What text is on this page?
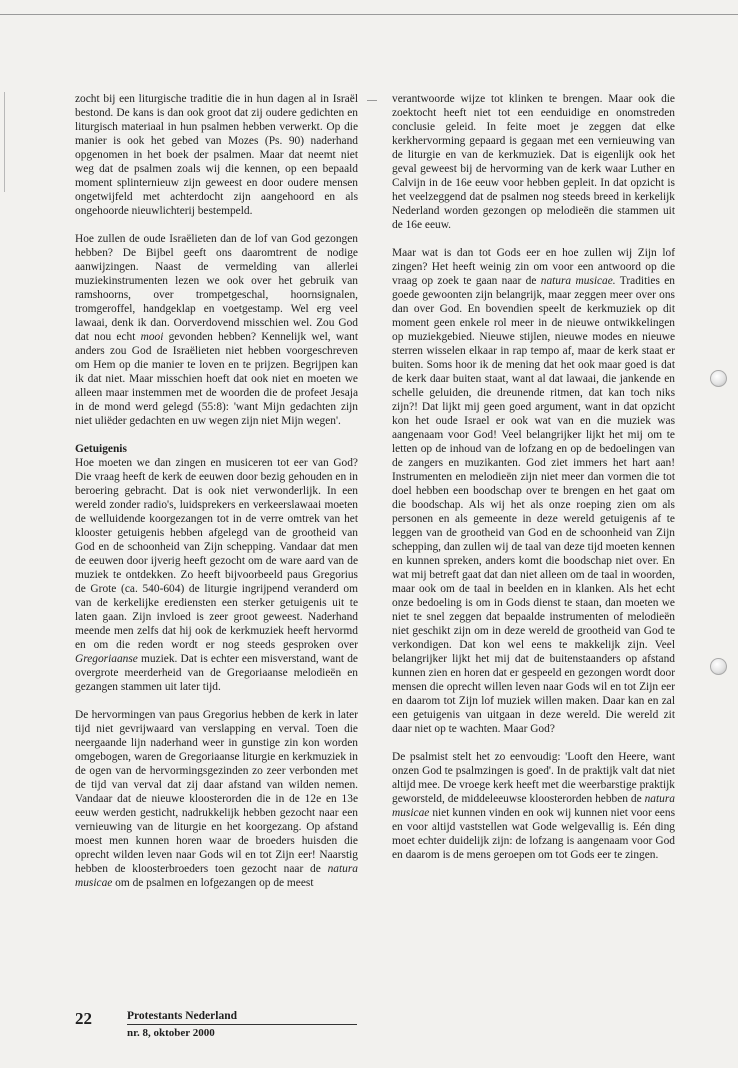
zocht bij een liturgische traditie die in hun dagen al in Israël bestond. De kans is dan ook groot dat zij oudere gedichten en liturgisch materiaal in hun psalmen hebben verwerkt. Op die manier is ook het gebed van Mozes (Ps. 90) naderhand opgenomen in het boek der psalmen. Maar dat neemt niet weg dat de psalmen zoals wij die kennen, op een bepaald moment splinternieuw zijn geweest en door oudere mensen ongetwijfeld met achterdocht zijn aangehoord en als ongehoorde nieuwlichterij bestempeld.

Hoe zullen de oude Israëlieten dan de lof van God gezongen hebben? De Bijbel geeft ons daaromtrent de nodige aanwijzingen. Naast de vermelding van allerlei muziekinstrumenten lezen we ook over het gebruik van ramshoorns, over trompetgeschal, hoornsignalen, tromgeroffel, handgeklap en voetgestamp. Wel erg veel lawaai, denk ik dan. Oorverdovend misschien wel. Zou God dat nou echt mooi gevonden hebben? Kennelijk wel, want anders zou God de Israëlieten niet hebben voorgeschreven om Hem op die manier te loven en te prijzen. Begrijpen kan ik dat niet. Maar misschien hoeft dat ook niet en moeten we alleen maar instemmen met de woorden die de profeet Jesaja in de mond werd gelegd (55:8): 'want Mijn gedachten zijn niet uliëder gedachten en uw wegen zijn niet Mijn wegen'.

Getuigenis

Hoe moeten we dan zingen en musiceren tot eer van God? Die vraag heeft de kerk de eeuwen door bezig gehouden en in beroering gebracht. Dat is ook niet verwonderlijk. In een wereld zonder radio's, luidsprekers en verkeerslawaai moeten de welluidende koorgezangen tot in de verre omtrek van het klooster getuigenis hebben afgelegd van de grootheid van God en de schoonheid van Zijn schepping. Vandaar dat men de eeuwen door ijverig heeft gezocht om de ware aard van de muziek te ontdekken. Zo heeft bijvoorbeeld paus Gregorius de Grote (ca. 540-604) de liturgie ingrijpend veranderd om van de kerkelijke erediensten een sterker getuigenis uit te laten gaan. Zijn invloed is zeer groot geweest. Naderhand meende men zelfs dat hij ook de kerkmuziek heeft hervormd en om die reden wordt er nog steeds gesproken over Gregoriaanse muziek. Dat is echter een misverstand, want de overgrote meerderheid van de Gregoriaanse melodieën en gezangen stammen uit later tijd.

De hervormingen van paus Gregorius hebben de kerk in later tijd niet gevrijwaard van verslapping en verval. Toen die neergaande lijn naderhand weer in gunstige zin kon worden omgebogen, waren de Gregoriaanse liturgie en kerkmuziek in de ogen van de hervormingsgezinden zo zeer verbonden met de tijd van verval dat zij daar afstand van wilden nemen. Vandaar dat de nieuwe kloosterorden die in de 12e en 13e eeuw werden gesticht, nadrukkelijk hebben gezocht naar een vernieuwing van de liturgie en het koorgezang. Op afstand moest men kunnen horen waar de broeders huisden die oprecht wilden leven naar Gods wil en tot Zijn eer! Naarstig hebben de kloosterbroeders toen gezocht naar de natura musicae om de psalmen en lofgezangen op de meest

verantwoorde wijze tot klinken te brengen. Maar ook die zoektocht heeft niet tot een eenduidige en onomstreden conclusie geleid. In feite moet je zeggen dat elke kerkhervorming gepaard is gegaan met een vernieuwing van de liturgie en van de kerkmuziek. Dat is eigenlijk ook het geval geweest bij de hervorming van de kerk waar Luther en Calvijn in de 16e eeuw voor hebben gepleit. In dat opzicht is het veelzeggend dat de psalmen nog steeds breed in kerkelijk Nederland worden gezongen op melodieën die stammen uit de 16e eeuw.

Maar wat is dan tot Gods eer en hoe zullen wij Zijn lof zingen? Het heeft weinig zin om voor een antwoord op die vraag op zoek te gaan naar de natura musicae. Tradities en goede gewoonten zijn belangrijk, maar zeggen meer over ons dan over God. En bovendien speelt de kerkmuziek op dit moment geen enkele rol meer in de nieuwe ontwikkelingen op muziekgebied. Nieuwe stijlen, nieuwe modes en nieuwe sterren wisselen elkaar in rap tempo af, maar de kerk staat er buiten. Soms hoor ik de mening dat het ook maar goed is dat de kerk daar buiten staat, want al dat lawaai, die jankende en schelle geluiden, die dreunende ritmen, dat kan toch niks zijn?! Dat lijkt mij geen goed argument, want in dat opzicht kon het oude Israel er ook wat van en die muziek was aangenaam voor God! Veel belangrijker lijkt het mij om te letten op de inhoud van de lofzang en op de bedoelingen van de zangers en muzikanten. God ziet immers het hart aan! Instrumenten en melodieën zijn niet meer dan vormen die tot doel hebben een boodschap over te brengen en het gaat om die boodschap. Als wij het als onze roeping zien om als personen en als gemeente in deze wereld getuigenis af te leggen van de grootheid van God en de schoonheid van Zijn schepping, dan zullen wij de taal van deze tijd moeten kennen en kunnen spreken, anders komt die boodschap niet over. En wat mij betreft gaat dat dan niet alleen om de taal in woorden, maar ook om de taal in beelden en in klanken. Als het echt onze bedoeling is om in Gods dienst te staan, dan moeten we niet te snel zeggen dat bepaalde instrumenten of melodieën niet geschikt zijn om in deze wereld de grootheid van God te verkondigen. Dat kon wel eens te makkelijk zijn. Veel belangrijker lijkt het mij dat de buitenstaanders op afstand kunnen zien en horen dat er gespeeld en gezongen wordt door mensen die oprecht willen leven naar Gods wil en tot Zijn eer en daarom tot Zijn lof muziek willen maken. Daar kan en zal een getuigenis van uitgaan in deze wereld. Die wereld zit daar niet op te wachten. Maar God?

De psalmist stelt het zo eenvoudig: 'Looft den Heere, want onzen God te psalmzingen is goed'. In de praktijk valt dat niet altijd mee. De vroege kerk heeft met die weerbarstige praktijk geworsteld, de middeleeuwse kloosterorden hebben de natura musicae niet kunnen vinden en ook wij kunnen niet voor eens en voor altijd vaststellen wat Gode welgevallig is. Eén ding moet echter duidelijk zijn: de lofzang is aangenaam voor God en daarom is de mens geroepen om tot Gods eer te zingen.

22	Protestants Nederland
nr. 8, oktober 2000
